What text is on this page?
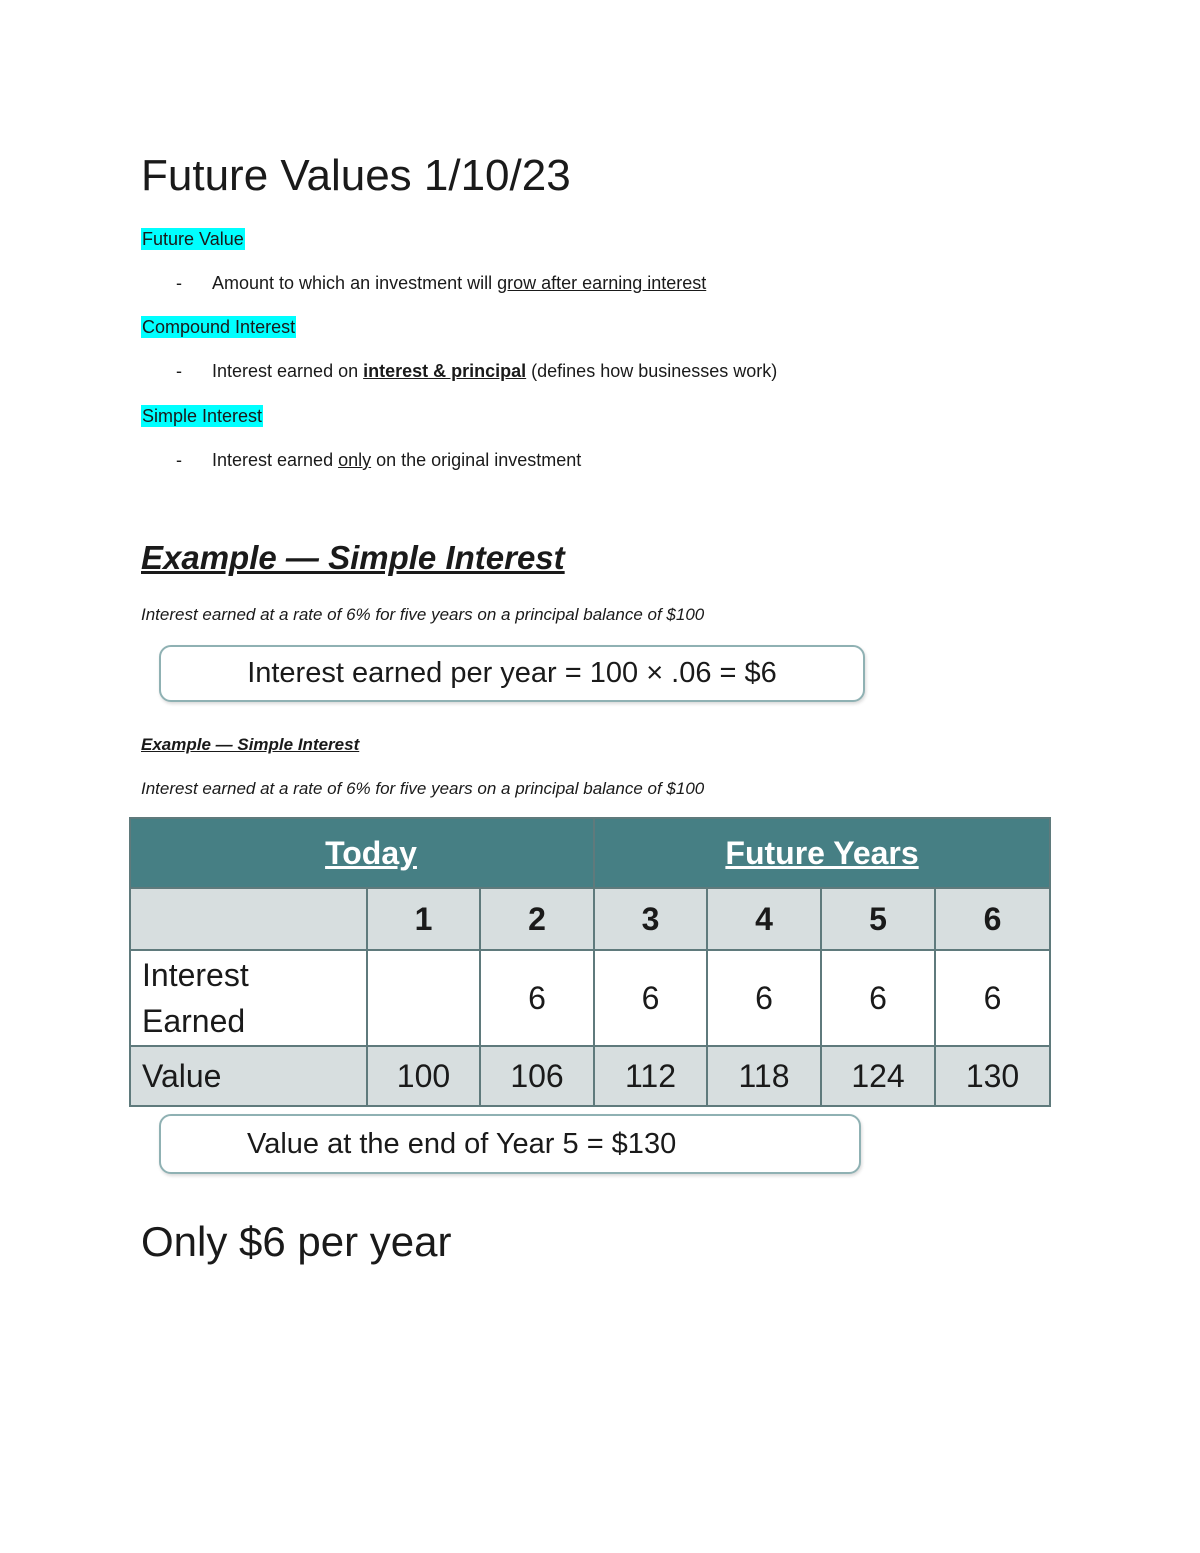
Future Values 1/10/23
Future Value
- Amount to which an investment will grow after earning interest
Compound Interest
- Interest earned on interest & principal (defines how businesses work)
Simple Interest
- Interest earned only on the original investment
Example — Simple Interest
Interest earned at a rate of 6% for five years on a principal balance of $100
Interest earned per year = 100 × .06 = $6
Example — Simple Interest
Interest earned at a rate of 6% for five years on a principal balance of $100
Today			Future Years			
	1	2	3	4	5	6
Interest
Earned		6	6	6	6	6
Value	100	106	112	118	124	130
Value at the end of Year 5 = $130
Only $6 per year
